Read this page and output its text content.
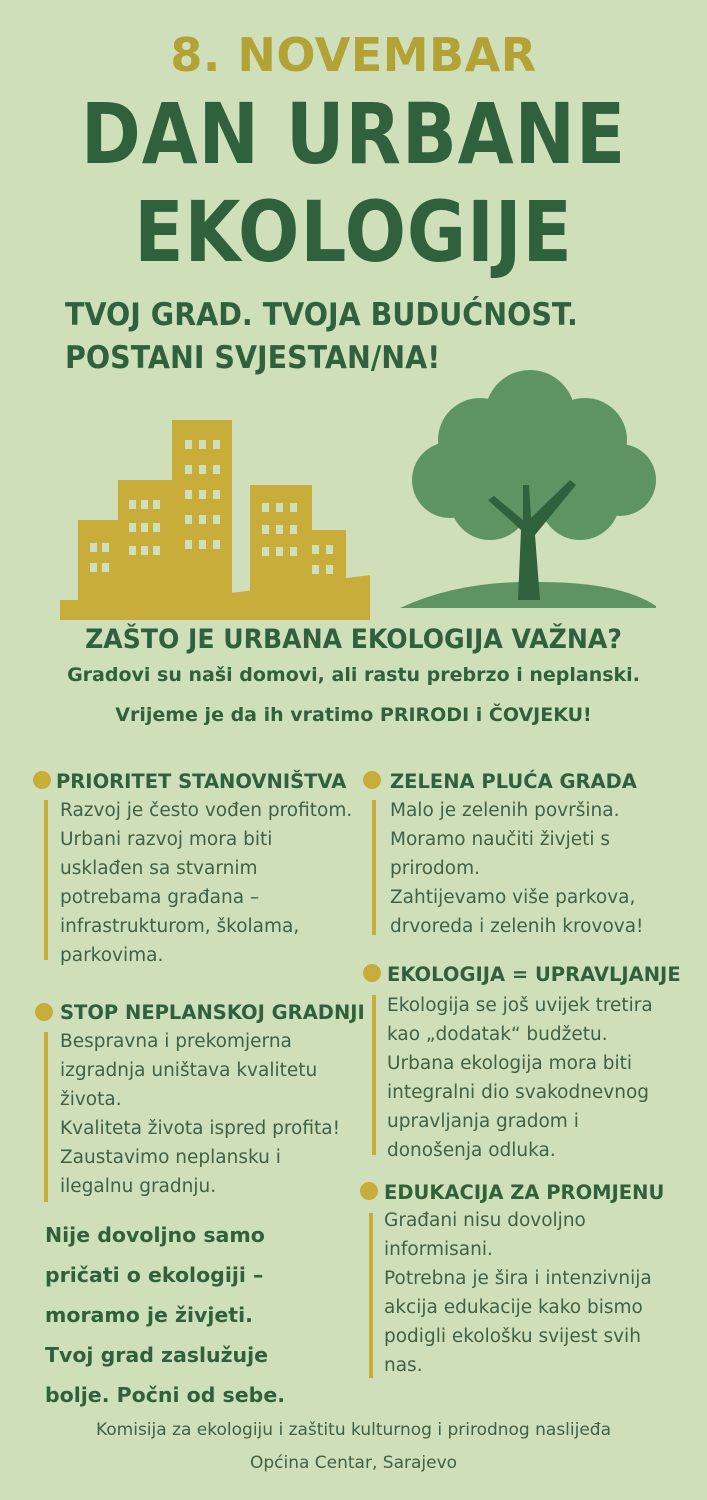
8. NOVEMBAR
DAN URBANE
EKOLOGIJE
TVOJ GRAD. TVOJA BUDUĆNOST.
POSTANI SVJESTAN/NA!
ZAŠTO JE URBANA EKOLOGIJA VAŽNA?
Gradovi su naši domovi, ali rastu prebrzo i neplanski.
Vrijeme je da ih vratimo PRIRODI i ČOVJEKU!
PRIORITET STANOVNIŠTVA
Razvoj je često vođen profitom.
Urbani razvoj mora biti
usklađen sa stvarnim
potrebama građana –
infrastrukturom, školama,
parkovima.
STOP NEPLANSKOJ GRADNJI
Bespravna i prekomjerna
izgradnja uništava kvalitetu
života.
Kvaliteta života ispred profita!
Zaustavimo neplansku i
ilegalnu gradnju.
Nije dovoljno samo
pričati o ekologiji –
moramo je živjeti.
Tvoj grad zaslužuje
bolje. Počni od sebe.
ZELENA PLUĆA GRADA
Malo je zelenih površina.
Moramo naučiti živjeti s
prirodom.
Zahtijevamo više parkova,
drvoreda i zelenih krovova!
EKOLOGIJA = UPRAVLJANJE
Ekologija se još uvijek tretira
kao „dodatak“ budžetu.
Urbana ekologija mora biti
integralni dio svakodnevnog
upravljanja gradom i
donošenja odluka.
EDUKACIJA ZA PROMJENU
Građani nisu dovoljno
informisani.
Potrebna je šira i intenzivnija
akcija edukacije kako bismo
podigli ekološku svijest svih
nas.
Komisija za ekologiju i zaštitu kulturnog i prirodnog naslijeđa
Općina Centar, Sarajevo
